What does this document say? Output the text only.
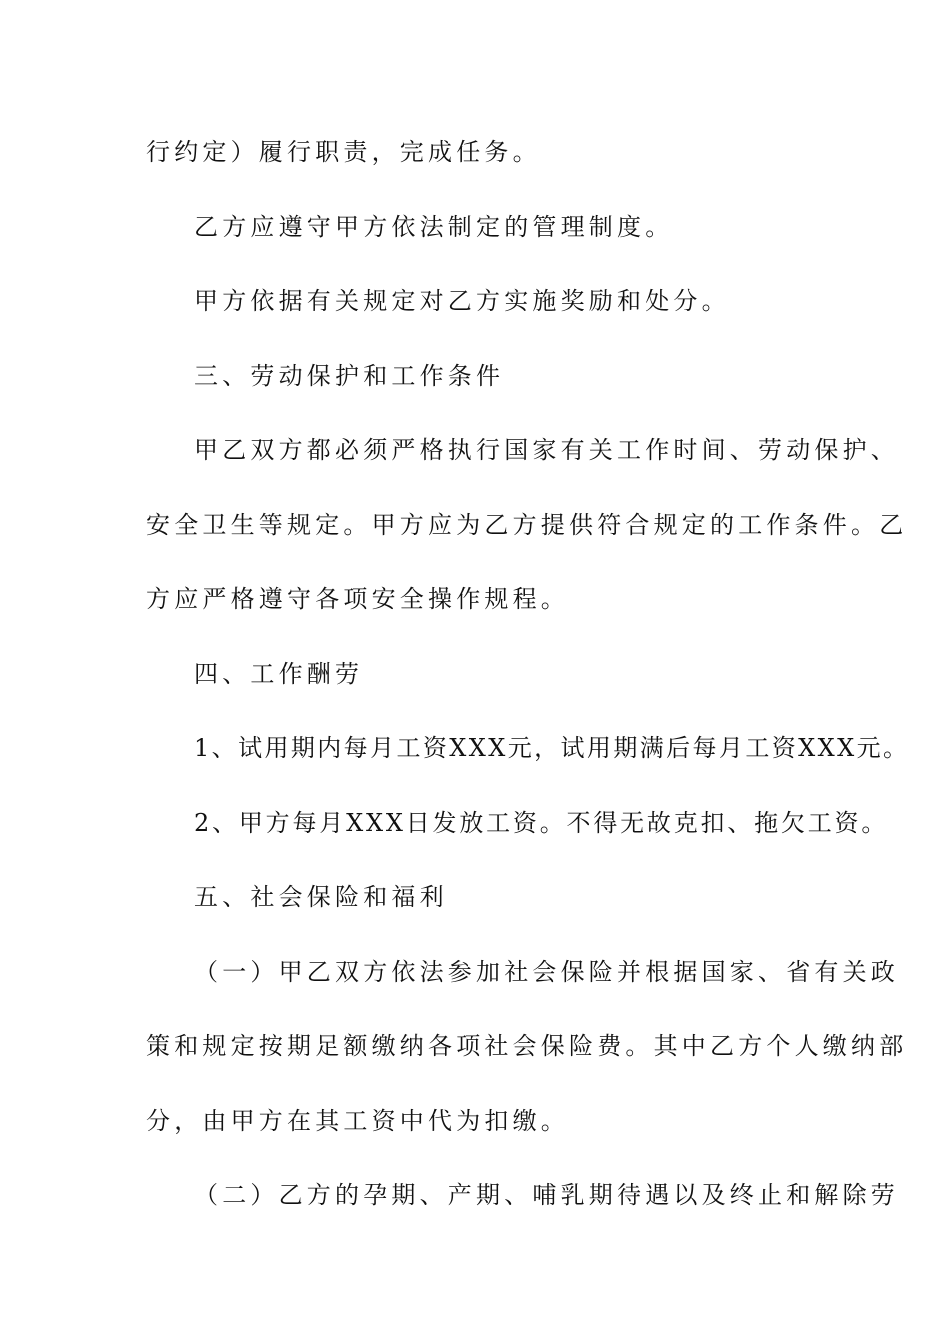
行约定）履行职责，完成任务。
乙方应遵守甲方依法制定的管理制度。
甲方依据有关规定对乙方实施奖励和处分。
三、劳动保护和工作条件
甲乙双方都必须严格执行国家有关工作时间、劳动保护、
安全卫生等规定。甲方应为乙方提供符合规定的工作条件。乙
方应严格遵守各项安全操作规程。
四、工作酬劳
1、试用期内每月工资XXX元，试用期满后每月工资XXX元。
2、甲方每月XXX日发放工资。不得无故克扣、拖欠工资。
五、社会保险和福利
（一）甲乙双方依法参加社会保险并根据国家、省有关政
策和规定按期足额缴纳各项社会保险费。其中乙方个人缴纳部
分，由甲方在其工资中代为扣缴。
（二）乙方的孕期、产期、哺乳期待遇以及终止和解除劳
